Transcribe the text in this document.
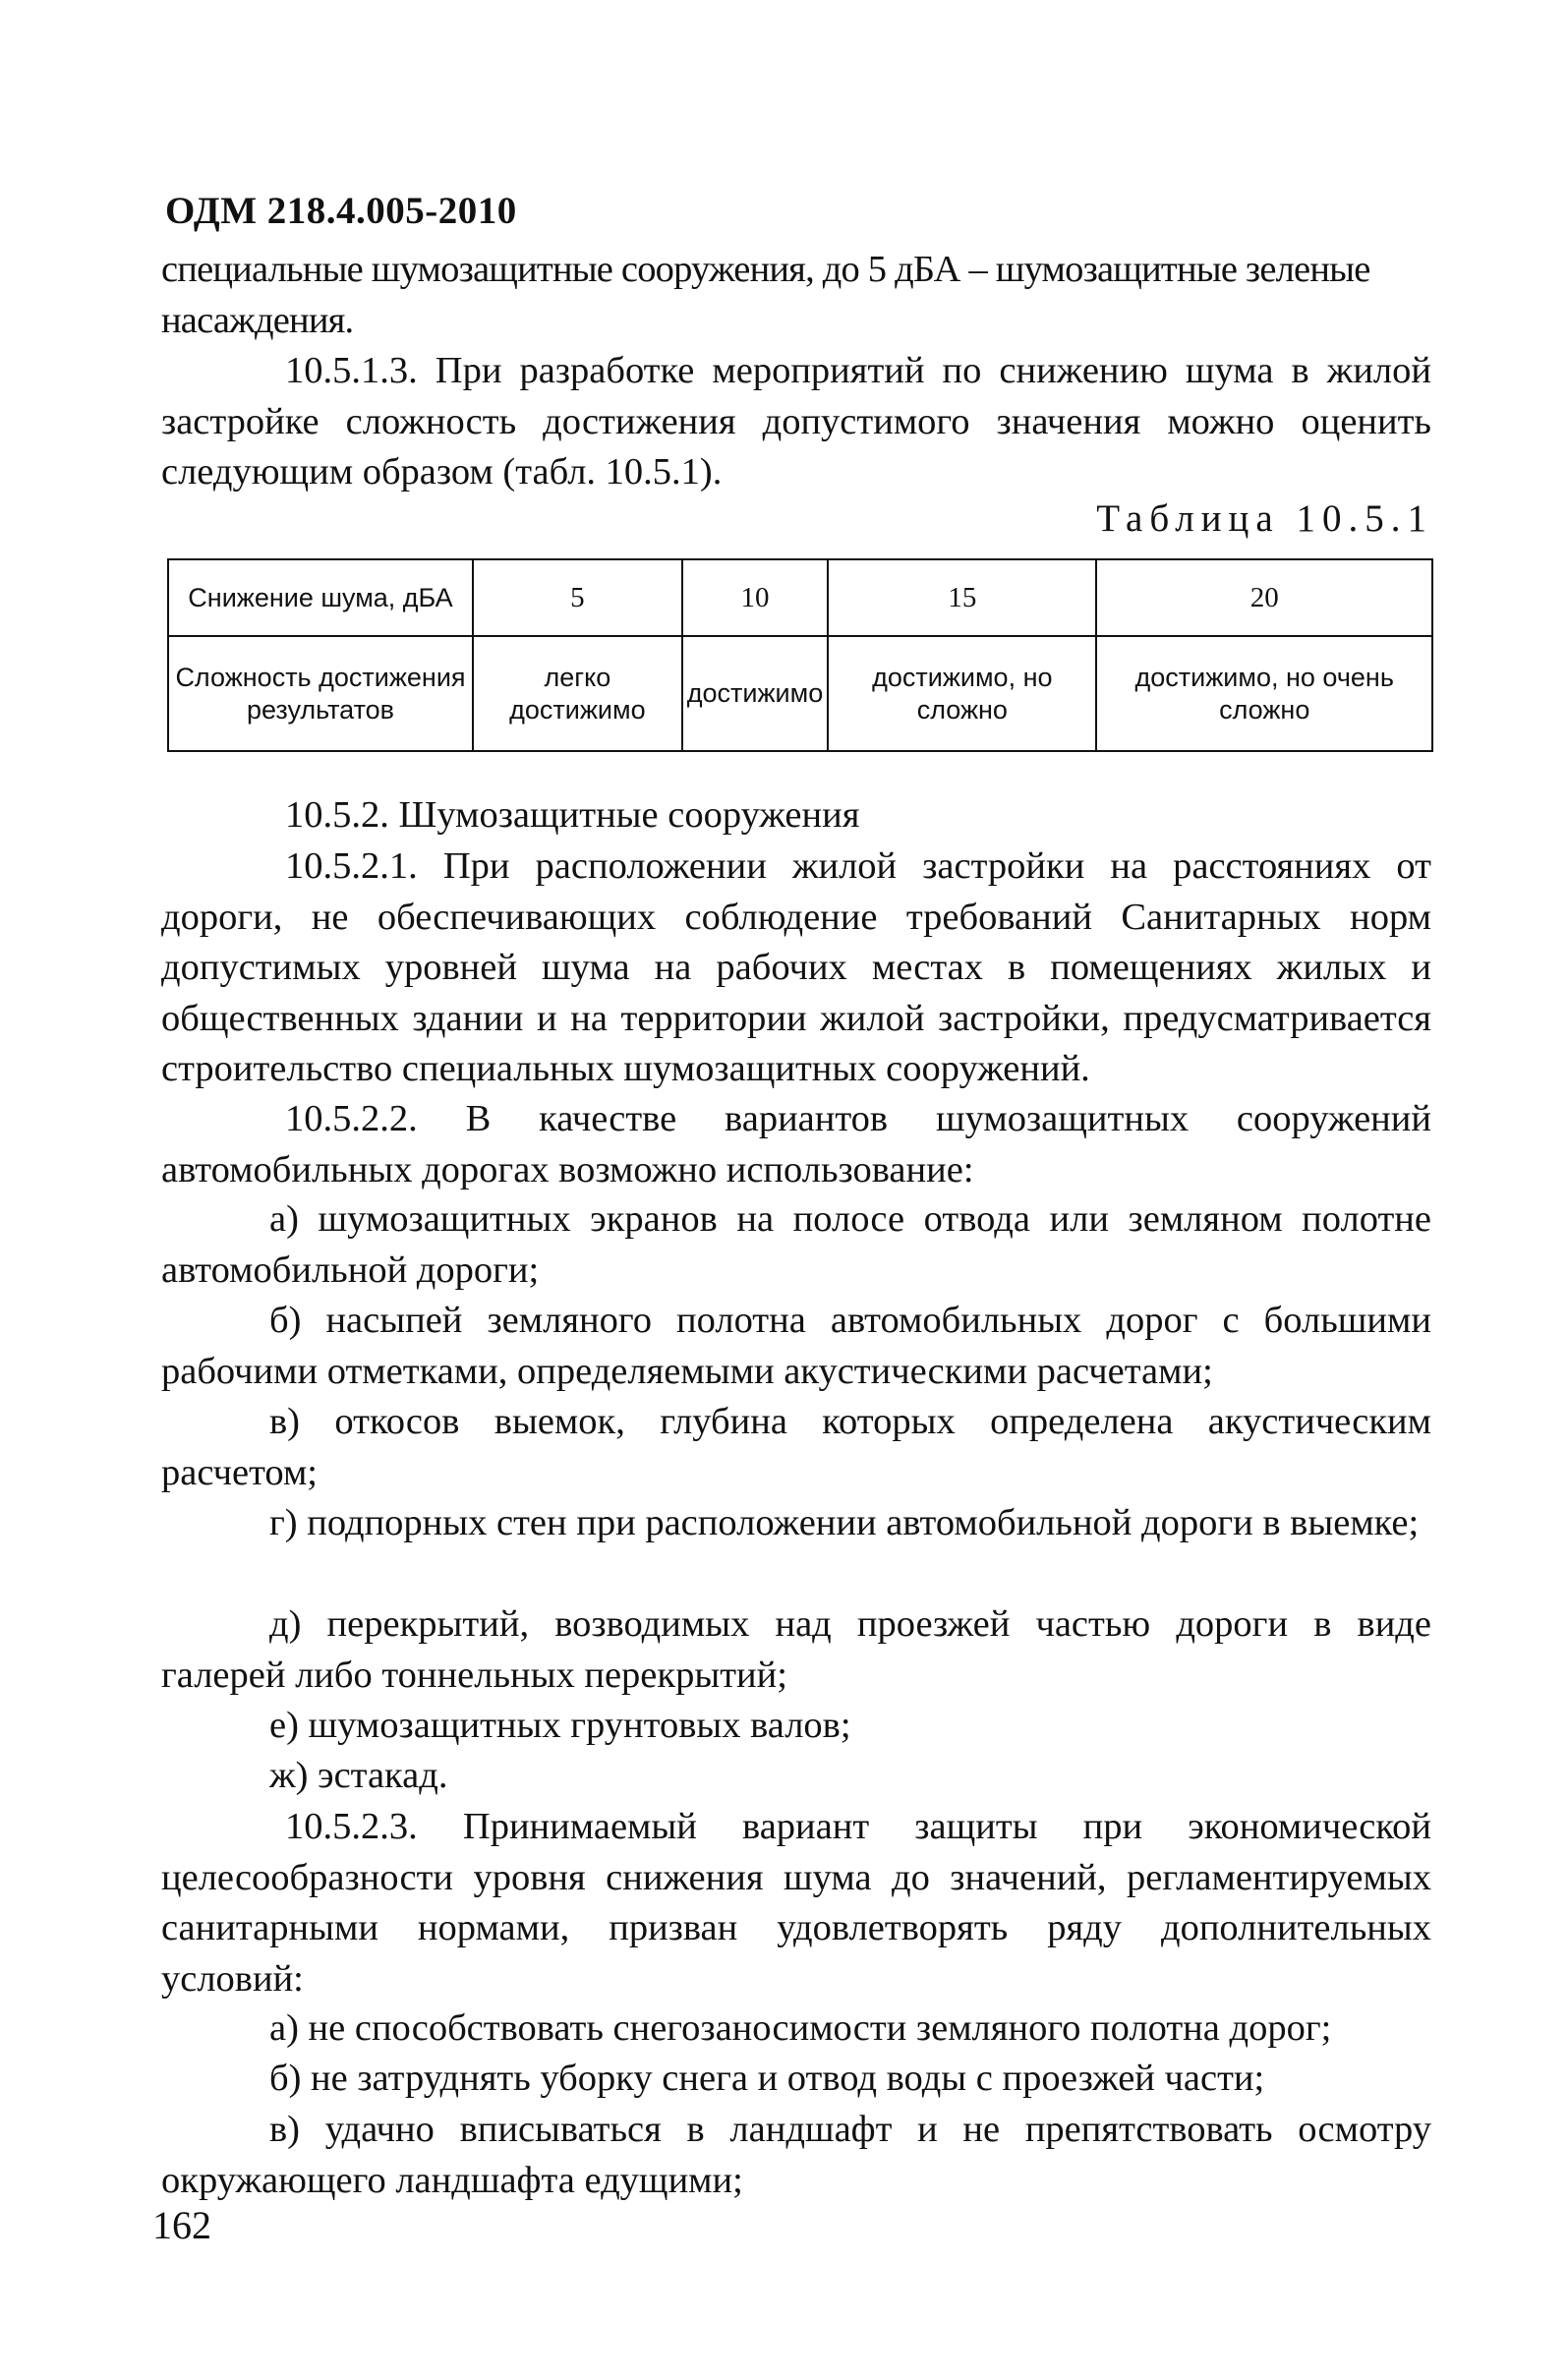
ОДМ 218.4.005-2010
специальные шумозащитные сооружения, до 5 дБА – шумозащитные зеленые
насаждения.
10.5.1.3. При разработке мероприятий по снижению шума в жилой застройке сложность достижения допустимого значения можно оценить следующим образом (табл. 10.5.1).
Таблица 10.5.1
Снижение шума, дБА	5	10	15	20
Сложность достижения результатов	легко достижимо	достижимо	достижимо, но сложно	достижимо, но очень сложно
10.5.2. Шумозащитные сооружения
10.5.2.1. При расположении жилой застройки на расстояниях от дороги, не обеспечивающих соблюдение требований Санитарных норм допустимых уровней шума на рабочих местах в помещениях жилых и общественных здании и на территории жилой застройки, предусматривается строительство специальных шумозащитных сооружений.
10.5.2.2. В качестве вариантов шумозащитных сооружений автомобильных дорогах возможно использование:
а) шумозащитных экранов на полосе отвода или земляном полотне автомобильной дороги;
б) насыпей земляного полотна автомобильных дорог с большими рабочими отметками, определяемыми акустическими расчетами;
в) откосов выемок, глубина которых определена акустическим расчетом;
г) подпорных стен при расположении автомобильной дороги в выемке;
д) перекрытий, возводимых над проезжей частью дороги в виде галерей либо тоннельных перекрытий;
е) шумозащитных грунтовых валов;
ж) эстакад.
10.5.2.3. Принимаемый вариант защиты при экономической целесообразности уровня снижения шума до значений, регламентируемых санитарными нормами, призван удовлетворять ряду дополнительных условий:
а) не способствовать снегозаносимости земляного полотна дорог;
б) не затруднять уборку снега и отвод воды с проезжей части;
в) удачно вписываться в ландшафт и не препятствовать осмотру окружающего ландшафта едущими;
162
